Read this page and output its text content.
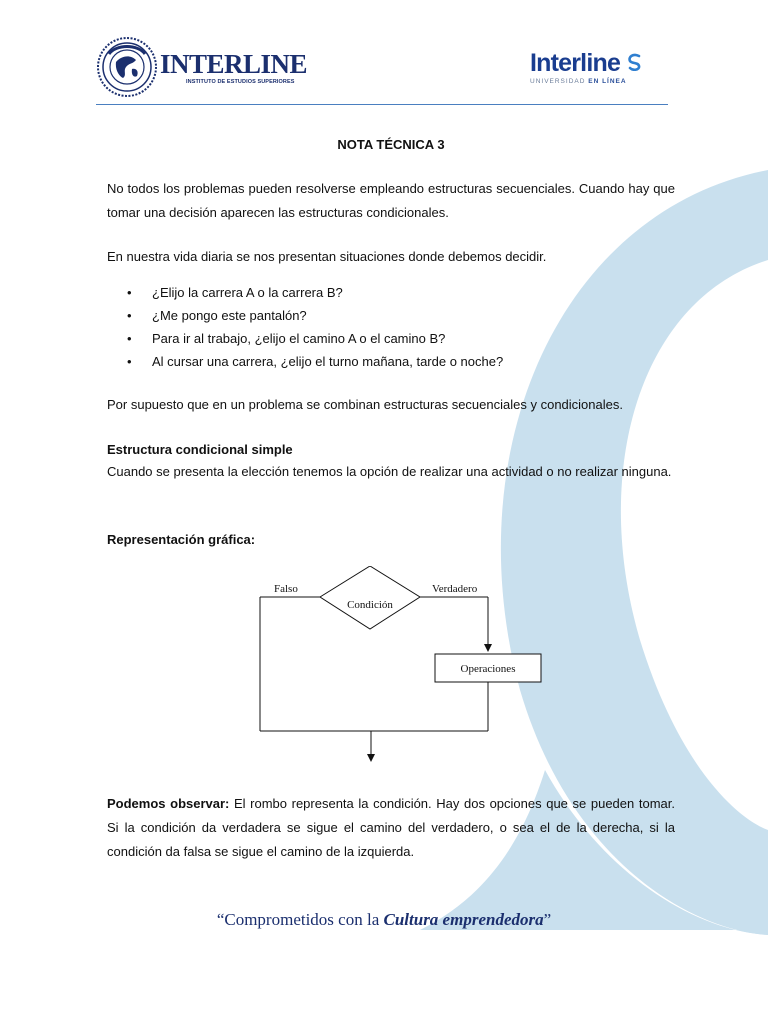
INTERLINE
INSTITUTO DE ESTUDIOS SUPERIORES
Interline
UNIVERSIDAD EN LÍNEA
NOTA TÉCNICA 3
No todos los problemas pueden resolverse empleando estructuras secuenciales. Cuando hay que tomar una decisión aparecen las estructuras condicionales.
En nuestra vida diaria se nos presentan situaciones donde debemos decidir.
• ¿Elijo la carrera A o la carrera B?
• ¿Me pongo este pantalón?
• Para ir al trabajo, ¿elijo el camino A o el camino B?
• Al cursar una carrera, ¿elijo el turno mañana, tarde o noche?
Por supuesto que en un problema se combinan estructuras secuenciales y condicionales.
Estructura condicional simple
Cuando se presenta la elección tenemos la opción de realizar una actividad o no realizar ninguna.
Representación gráfica:
Podemos observar: El rombo representa la condición. Hay dos opciones que se pueden tomar. Si la condición da verdadera se sigue el camino del verdadero, o sea el de la derecha, si la condición da falsa se sigue el camino de la izquierda.
Condición
Falso	Verdadero
Operaciones
“Comprometidos con la Cultura emprendedora”
